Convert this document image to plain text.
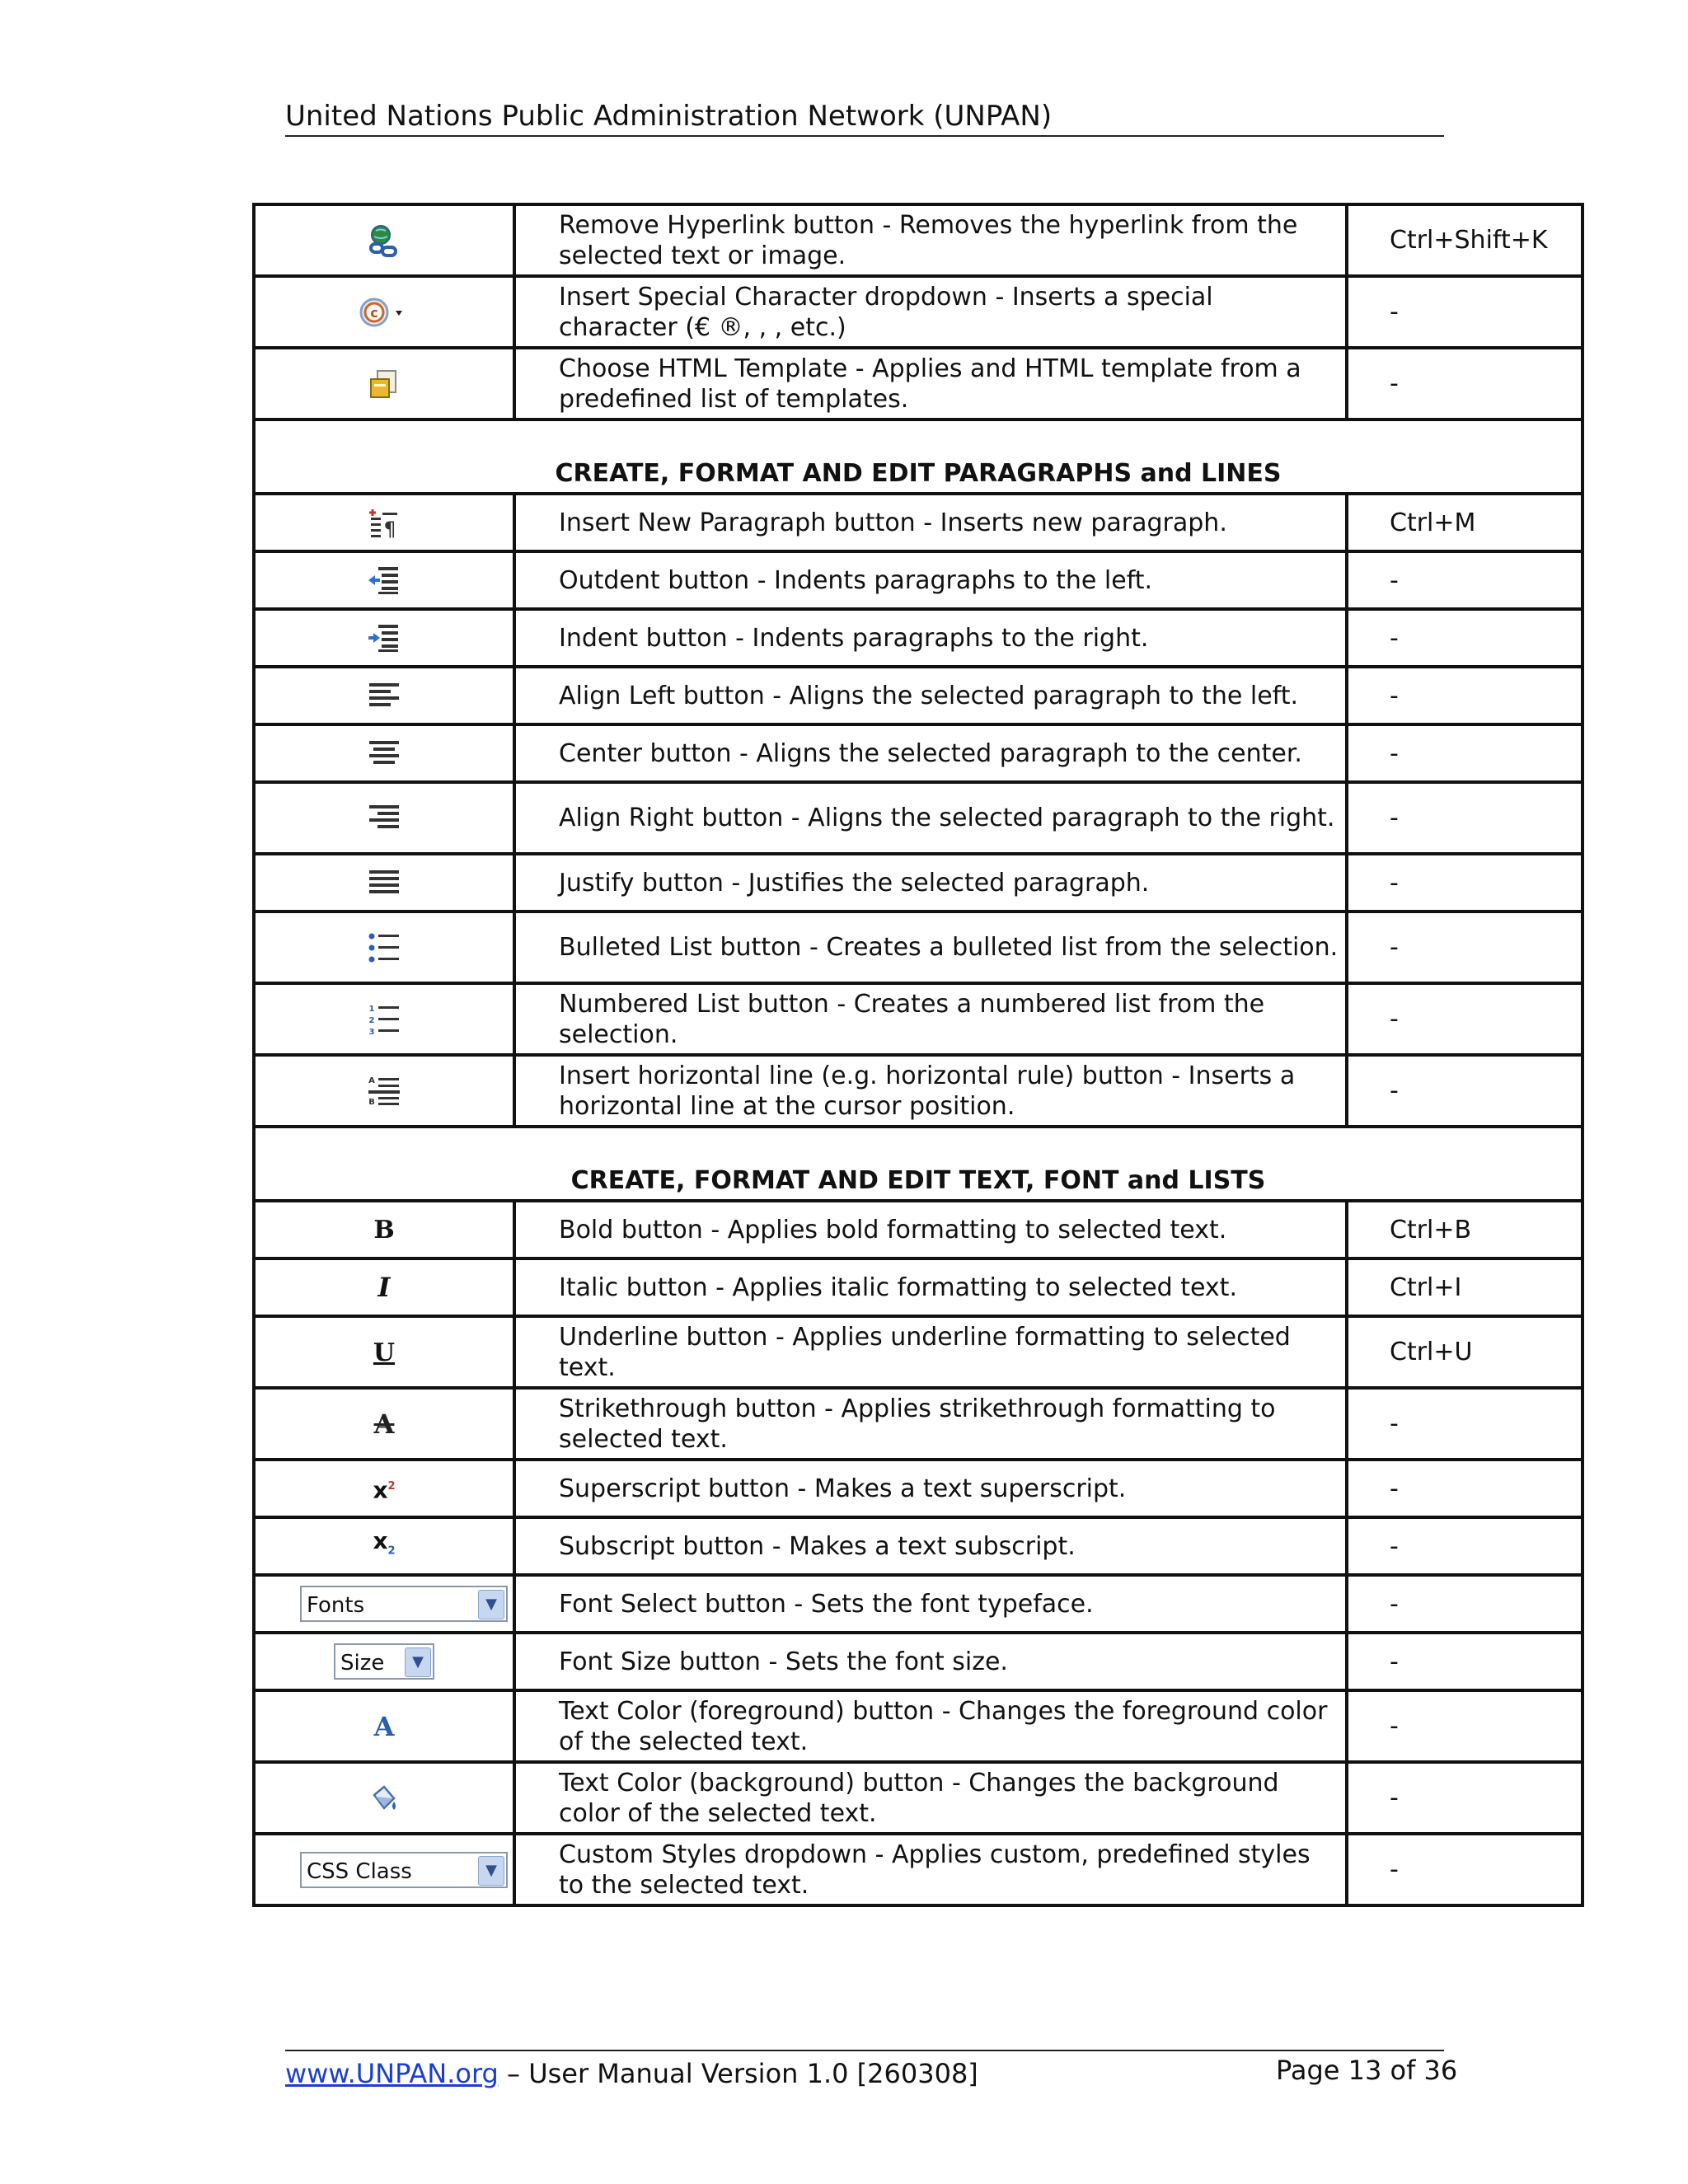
United Nations Public Administration Network (UNPAN)
	Remove Hyperlink button - Removes the hyperlink from the selected text or image.	Ctrl+Shift+K

c	Insert Special Character dropdown - Inserts a special character (€ ®, , , etc.)	-
	Choose HTML Template - Applies and HTML template from a predefined list of templates.	-
CREATE, FORMAT AND EDIT PARAGRAPHS and LINES		

¶	Insert New Paragraph button - Inserts new paragraph.	Ctrl+M
	Outdent button - Indents paragraphs to the left.	-
	Indent button - Indents paragraphs to the right.	-
	Align Left button - Aligns the selected paragraph to the left.	-
	Center button - Aligns the selected paragraph to the center.	-
	Align Right button - Aligns the selected paragraph to the right.	-
	Justify button - Justifies the selected paragraph.	-
	Bulleted List button - Creates a bulleted list from the selection.	-

1
2
3	Numbered List button - Creates a numbered list from the selection.	-

A
B	Insert horizontal line (e.g. horizontal rule) button - Inserts a horizontal line at the cursor position.	-
CREATE, FORMAT AND EDIT TEXT, FONT and LISTS		
B	Bold button - Applies bold formatting to selected text.	Ctrl+B
I	Italic button - Applies italic formatting to selected text.	Ctrl+I
U	Underline button - Applies underline formatting to selected text.	Ctrl+U
A	Strikethrough button - Applies strikethrough formatting to selected text.	-
$x^2$	Superscript button - Makes a text superscript.	-
$x_2$	Subscript button - Makes a text subscript.	-
Fonts ▼	Font Select button - Sets the font typeface.	-
Size ▼	Font Size button - Sets the font size.	-
A	Text Color (foreground) button - Changes the foreground color of the selected text.	-
	Text Color (background) button - Changes the background color of the selected text.	-
CSS Class ▼	Custom Styles dropdown - Applies custom, predefined styles to the selected text.	-
www.UNPAN.org – User Manual Version 1.0 [260308]	Page 13 of 36
